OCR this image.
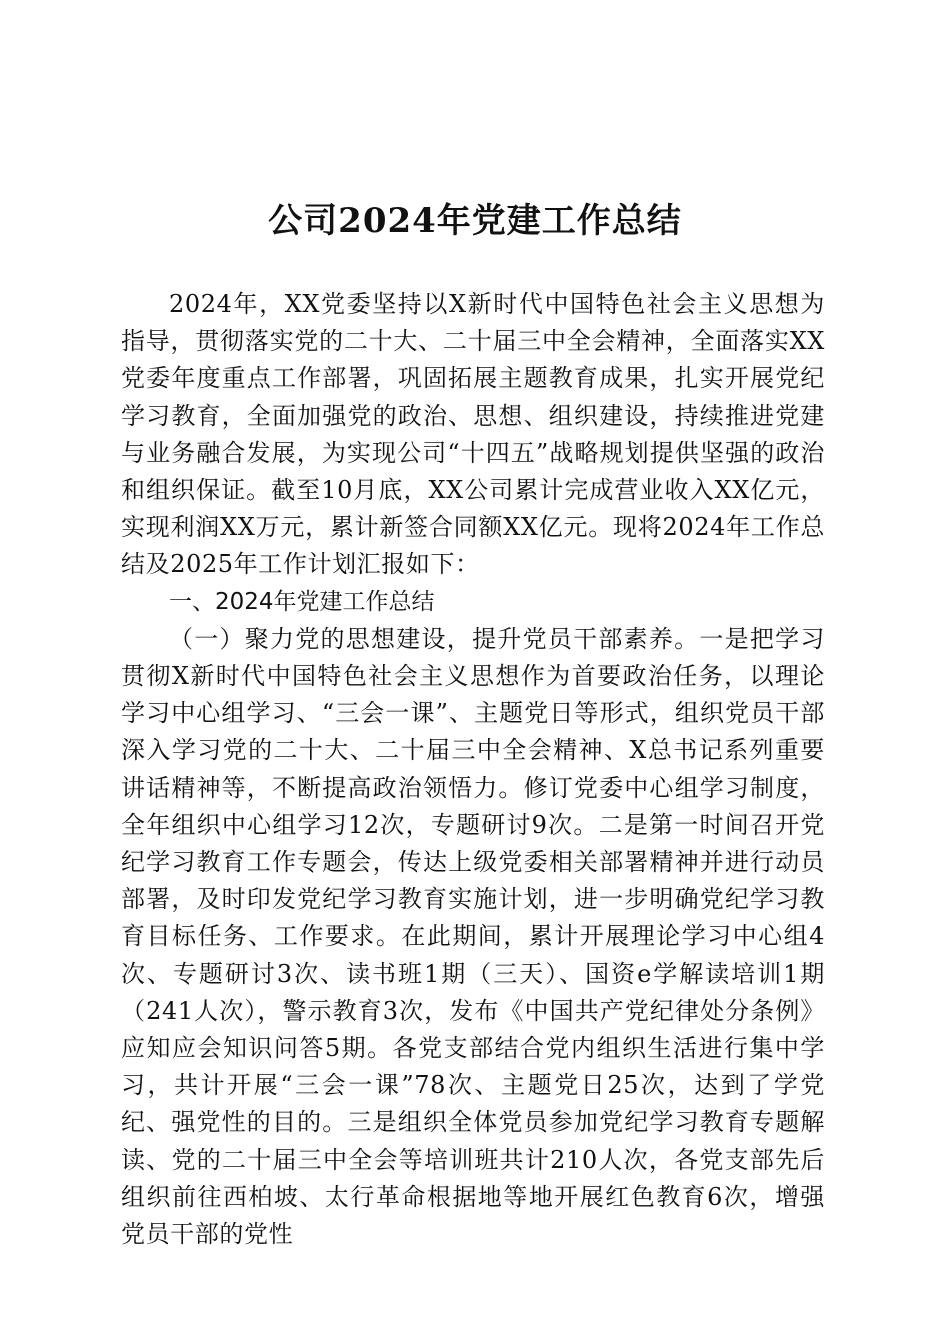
公司2024年党建工作总结

2024年，XX党委坚持以X新时代中国特色社会主义思想为指导，贯彻落实党的二十大、二十届三中全会精神，全面落实XX党委年度重点工作部署，巩固拓展主题教育成果，扎实开展党纪学习教育，全面加强党的政治、思想、组织建设，持续推进党建与业务融合发展，为实现公司“十四五”战略规划提供坚强的政治和组织保证。截至10月底，XX公司累计完成营业收入XX亿元，实现利润XX万元，累计新签合同额XX亿元。现将2024年工作总结及2025年工作计划汇报如下：

一、2024年党建工作总结

（一）聚力党的思想建设，提升党员干部素养。一是把学习贯彻X新时代中国特色社会主义思想作为首要政治任务，以理论学习中心组学习、“三会一课”、主题党日等形式，组织党员干部深入学习党的二十大、二十届三中全会精神、X总书记系列重要讲话精神等，不断提高政治领悟力。修订党委中心组学习制度，全年组织中心组学习12次，专题研讨9次。二是第一时间召开党纪学习教育工作专题会，传达上级党委相关部署精神并进行动员部署，及时印发党纪学习教育实施计划，进一步明确党纪学习教育目标任务、工作要求。在此期间，累计开展理论学习中心组4次、专题研讨3次、读书班1期（三天）、国资e学解读培训1期（241人次），警示教育3次，发布《中国共产党纪律处分条例》应知应会知识问答5期。各党支部结合党内组织生活进行集中学习，共计开展“三会一课”78次、主题党日25次，达到了学党纪、强党性的目的。三是组织全体党员参加党纪学习教育专题解读、党的二十届三中全会等培训班共计210人次，各党支部先后组织前往西柏坡、太行革命根据地等地开展红色教育6次，增强党员干部的党性
